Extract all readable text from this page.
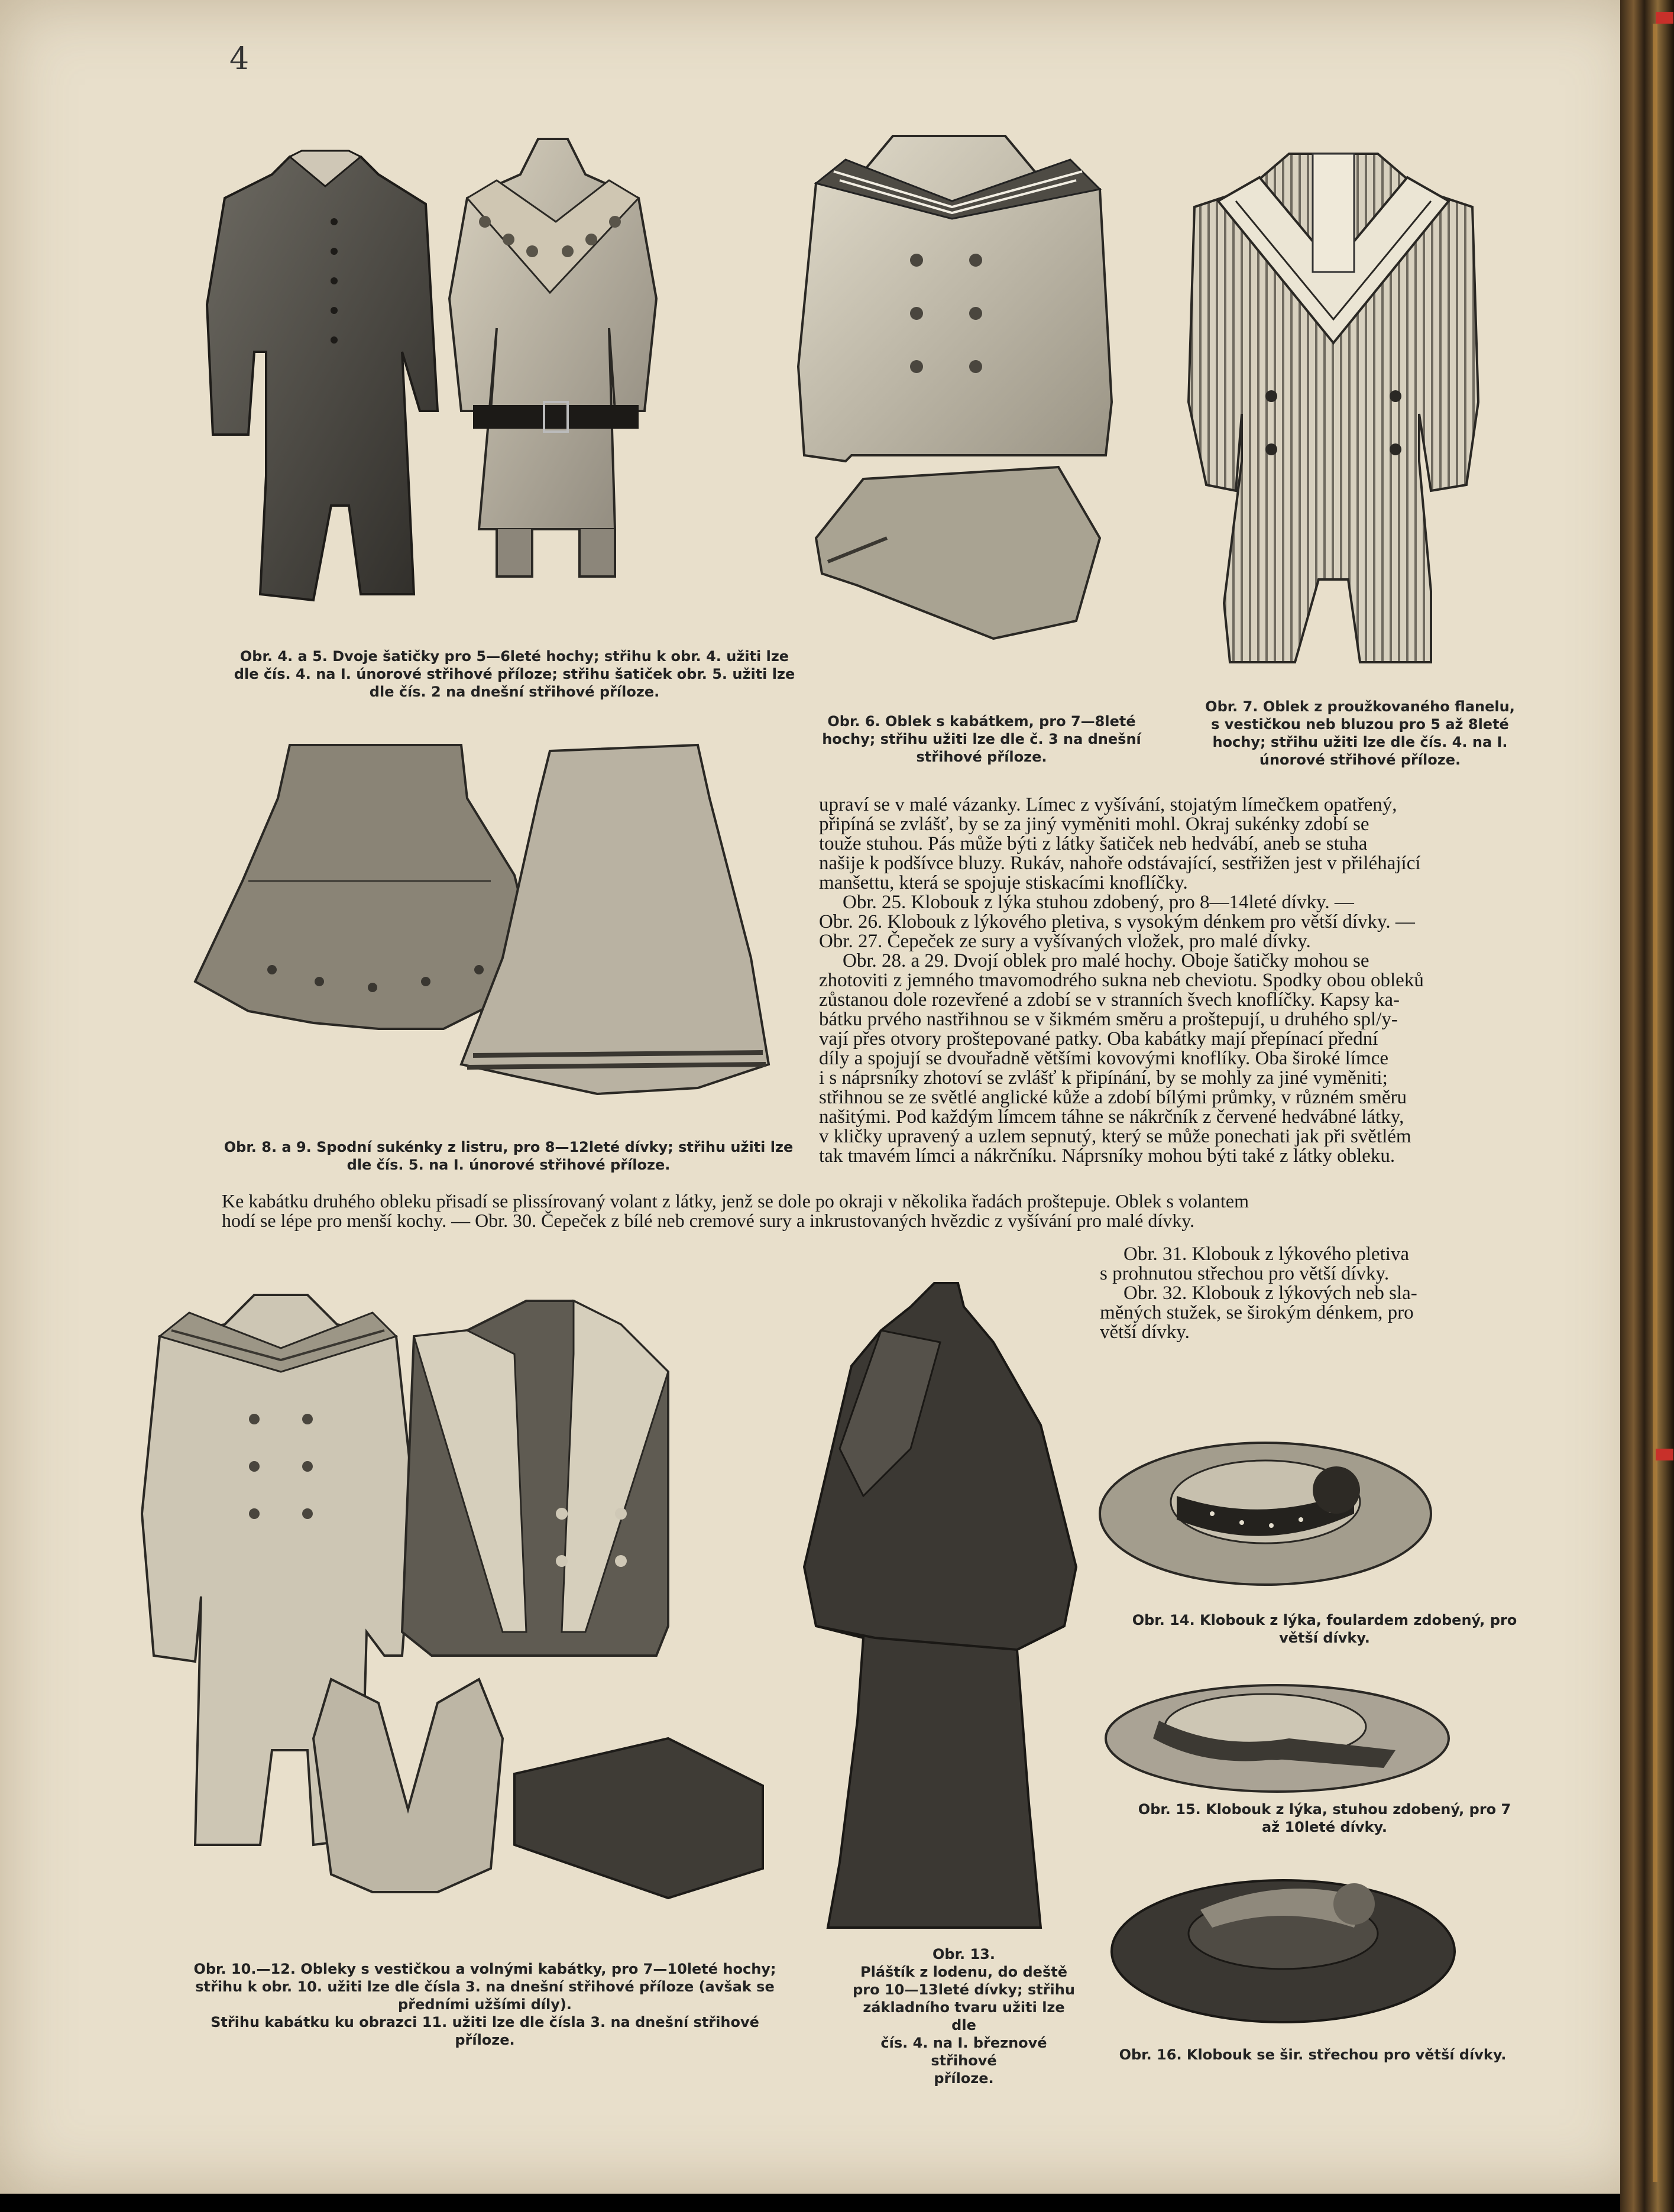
4
Obr. 4. a 5. Dvoje šatičky pro 5—6leté hochy; střihu k obr. 4. užiti lze
dle čís. 4. na I. únorové střihové příloze; střihu šatiček obr. 5. užiti lze
dle čís. 2 na dnešní střihové příloze.
Obr. 6. Oblek s kabátkem, pro 7—8leté
hochy; střihu užiti lze dle č. 3 na dnešní
střihové příloze.
Obr. 7. Oblek z proužkovaného flanelu,
s vestičkou neb bluzou pro 5 až 8leté
hochy; střihu užiti lze dle čís. 4. na I.
únorové střihové příloze.
Obr. 8. a 9. Spodní sukénky z listru, pro 8—12leté dívky; střihu užiti lze
dle čís. 5. na I. únorové střihové příloze.
upraví se v malé vázanky. Límec z vyšívání, stojatým límečkem opatřený,
připíná se zvlášť, by se za jiný vyměniti mohl. Okraj sukénky zdobí se
touže stuhou. Pás může býti z látky šatiček neb hedvábí, aneb se stuha
našije k podšívce bluzy. Rukáv, nahoře odstávající, sestřižen jest v přiléhající
manšettu, která se spojuje stiskacími knoflíčky.
Obr. 25. Klobouk z lýka stuhou zdobený, pro 8—14leté dívky. —
Obr. 26. Klobouk z lýkového pletiva, s vysokým dénkem pro větší dívky. —
Obr. 27. Čepeček ze sury a vyšívaných vložek, pro malé dívky.
Obr. 28. a 29. Dvojí oblek pro malé hochy. Oboje šatičky mohou se
zhotoviti z jemného tmavomodrého sukna neb cheviotu. Spodky obou obleků
zůstanou dole rozevřené a zdobí se v stranních švech knoflíčky. Kapsy ka-
bátku prvého nastřihnou se v šikmém směru a proštepují, u druhého spl/y-
vají přes otvory proštepované patky. Oba kabátky mají přepínací přední
díly a spojují se dvouřadně většími kovovými knoflíky. Oba široké límce
i s náprsníky zhotoví se zvlášť k připínání, by se mohly za jiné vyměniti;
střihnou se ze světlé anglické kůže a zdobí bílými průmky, v různém směru
našitými. Pod každým límcem táhne se nákrčník z červené hedvábné látky,
v kličky upravený a uzlem sepnutý, který se může ponechati jak při světlém
tak tmavém límci a nákrčníku. Náprsníky mohou býti také z látky obleku.
Ke kabátku druhého obleku přisadí se plissírovaný volant z látky, jenž se dole po okraji v několika řadách proštepuje. Oblek s volantem
hodí se lépe pro menší kochy. — Obr. 30. Čepeček z bílé neb cremové sury a inkrustovaných hvězdic z vyšívání pro malé dívky.
Obr. 31. Klobouk z lýkového pletiva
s prohnutou střechou pro větší dívky.
Obr. 32. Klobouk z lýkových neb sla-
měných stužek, se širokým dénkem, pro
větší dívky.
Obr. 10.—12. Obleky s vestičkou a volnými kabátky, pro 7—10leté hochy;
střihu k obr. 10. užiti lze dle čísla 3. na dnešní střihové příloze (avšak se
předními užšími díly).
Střihu kabátku ku obrazci 11. užiti lze dle čísla 3. na dnešní střihové
příloze.
Obr. 13.
Pláštík z lodenu, do deště
pro 10—13leté dívky; střihu
základního tvaru užiti lze dle
čís. 4. na I. březnové střihové
příloze.
Obr. 14. Klobouk z lýka, foulardem zdobený, pro
větší dívky.
Obr. 15. Klobouk z lýka, stuhou zdobený, pro 7
až 10leté dívky.
Obr. 16. Klobouk se šir. střechou pro větší dívky.
